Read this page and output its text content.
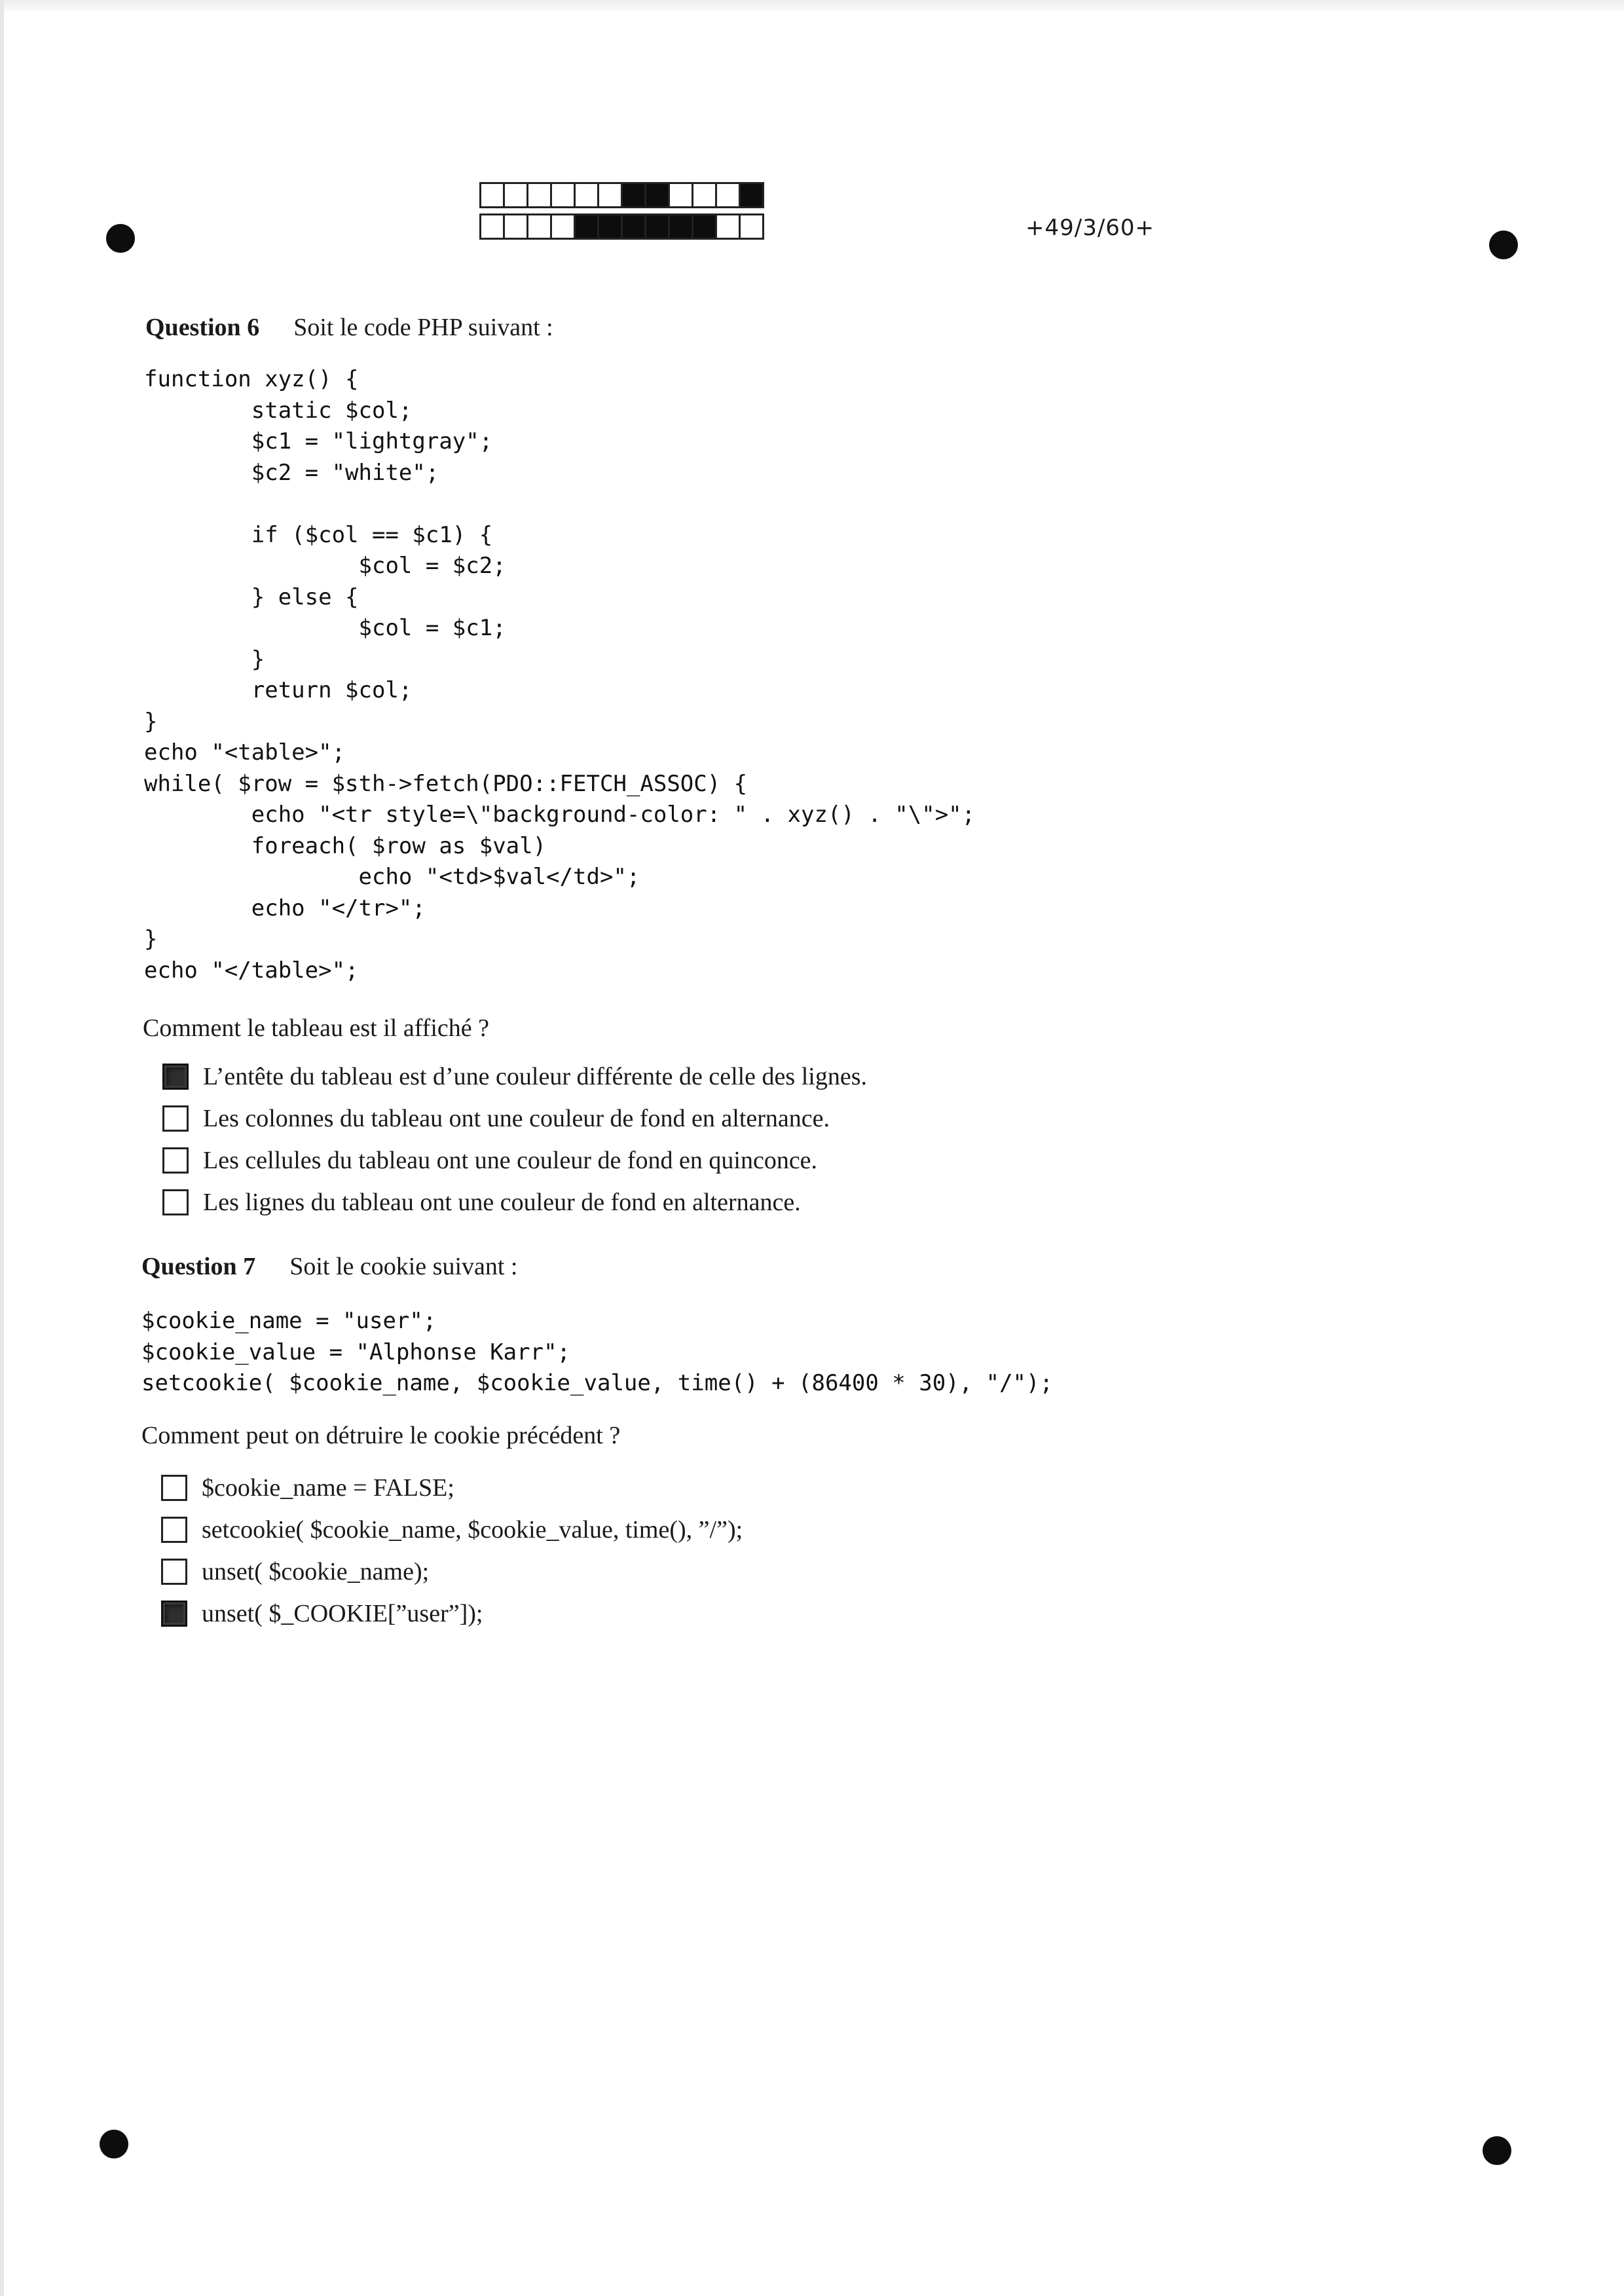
+49/3/60+
Question 6 Soit le code PHP suivant :
function xyz() {
static $col;
$c1 = "lightgray";
$c2 = "white";

if ($col == $c1) {
$col = $c2;
} else {
$col = $c1;
}
return $col;
}
echo "<table>";
while( $row = $sth->fetch(PDO::FETCH_ASSOC) {
echo "<tr style=\"background-color: " . xyz() . "\">";
foreach( $row as $val)
echo "<td>$val</td>";
echo "</tr>";
}
echo "</table>";
Comment le tableau est il affiché ?
L’entête du tableau est d’une couleur différente de celle des lignes.
Les colonnes du tableau ont une couleur de fond en alternance.
Les cellules du tableau ont une couleur de fond en quinconce.
Les lignes du tableau ont une couleur de fond en alternance.
Question 7 Soit le cookie suivant :
$cookie_name = "user";
$cookie_value = "Alphonse Karr";
setcookie( $cookie_name, $cookie_value, time() + (86400 * 30), "/");
Comment peut on détruire le cookie précédent ?
$cookie_name = FALSE;
setcookie( $cookie_name, $cookie_value, time(), ”/”);
unset( $cookie_name);
unset( $_COOKIE[”user”]);
